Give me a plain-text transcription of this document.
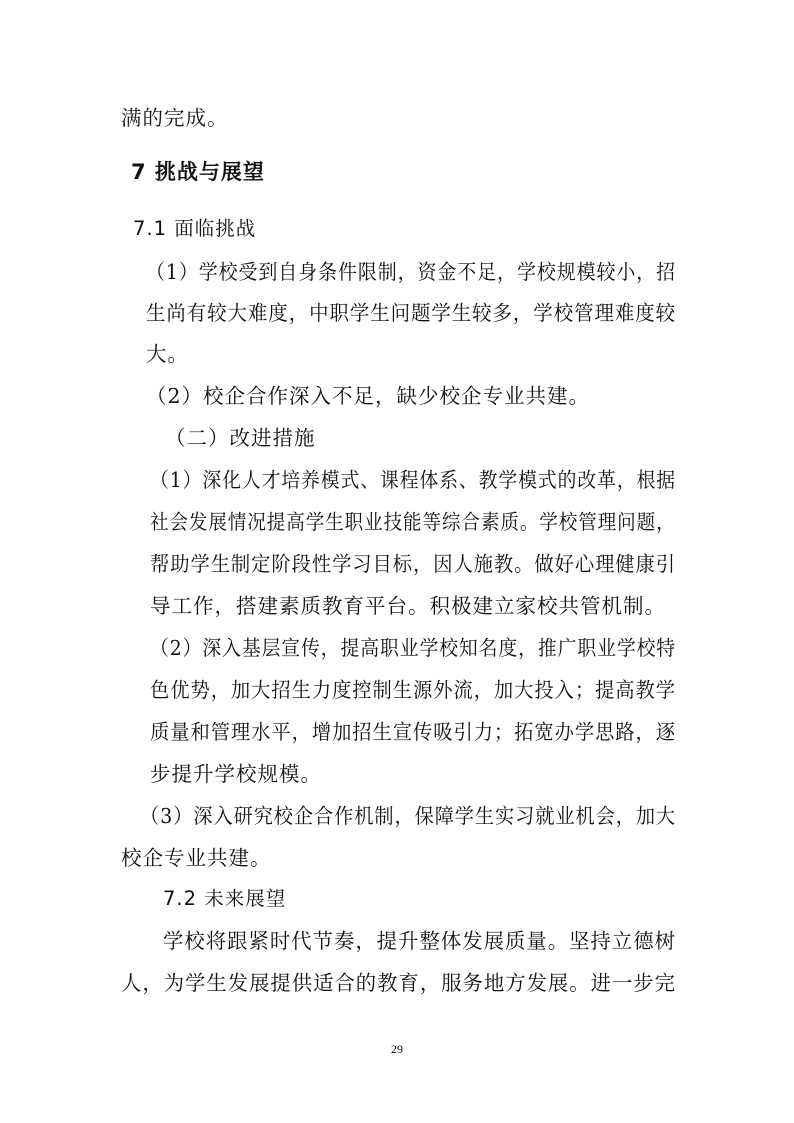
满的完成。
7 挑战与展望
7.1 面临挑战
（1）学校受到自身条件限制，资金不足，学校规模较小，招
生尚有较大难度，中职学生问题学生较多，学校管理难度较
大。
（2）校企合作深入不足，缺少校企专业共建。
（二）改进措施
（1）深化人才培养模式、课程体系、教学模式的改革，根据
社会发展情况提高学生职业技能等综合素质。学校管理问题，
帮助学生制定阶段性学习目标，因人施教。做好心理健康引
导工作，搭建素质教育平台。积极建立家校共管机制。
（2）深入基层宣传，提高职业学校知名度，推广职业学校特
色优势，加大招生力度控制生源外流，加大投入；提高教学
质量和管理水平，增加招生宣传吸引力；拓宽办学思路，逐
步提升学校规模。
（3）深入研究校企合作机制，保障学生实习就业机会，加大
校企专业共建。
7.2 未来展望
学校将跟紧时代节奏，提升整体发展质量。坚持立德树
人，为学生发展提供适合的教育，服务地方发展。进一步完
29
